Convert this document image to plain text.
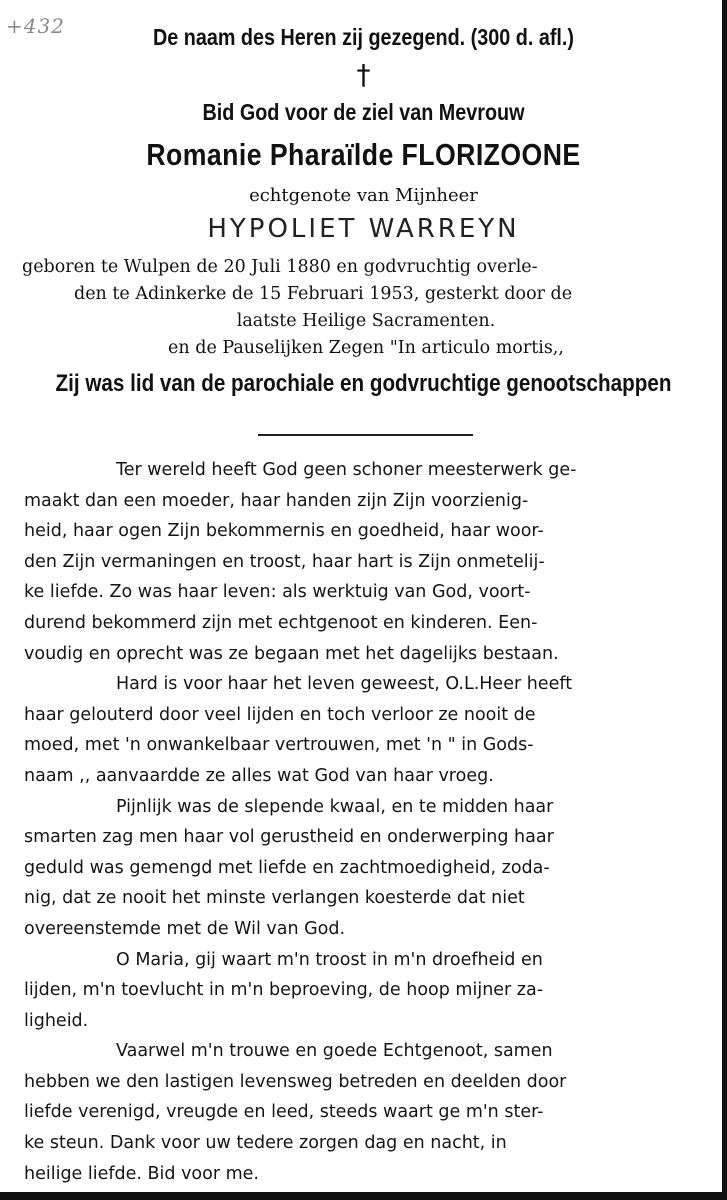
+432	De naam des Heren zij gezegend. (300 d. afl.)
†
Bid God voor de ziel van Mevrouw
Romanie Pharaïlde FLORIZOONE
echtgenote van Mijnheer
HYPOLIET WARREYN
geboren te Wulpen de 20 Juli 1880 en godvruchtig overle-
den te Adinkerke de 15 Februari 1953, gesterkt door de
laatste Heilige Sacramenten.
en de Pauselijken Zegen "In articulo mortis,,
Zij was lid van de parochiale en godvruchtige genootschappen
Ter wereld heeft God geen schoner meesterwerk ge-
maakt dan een moeder, haar handen zijn Zijn voorzienig-
heid, haar ogen Zijn bekommernis en goedheid, haar woor-
den Zijn vermaningen en troost, haar hart is Zijn onmetelij-
ke liefde. Zo was haar leven: als werktuig van God, voort-
durend bekommerd zijn met echtgenoot en kinderen. Een-
voudig en oprecht was ze begaan met het dagelijks bestaan.
Hard is voor haar het leven geweest, O.L.Heer heeft
haar gelouterd door veel lijden en toch verloor ze nooit de
moed, met 'n onwankelbaar vertrouwen, met 'n " in Gods-
naam ,, aanvaardde ze alles wat God van haar vroeg.
Pijnlijk was de slepende kwaal, en te midden haar
smarten zag men haar vol gerustheid en onderwerping haar
geduld was gemengd met liefde en zachtmoedigheid, zoda-
nig, dat ze nooit het minste verlangen koesterde dat niet
overeenstemde met de Wil van God.
O Maria, gij waart m'n troost in m'n droefheid en
lijden, m'n toevlucht in m'n beproeving, de hoop mijner za-
ligheid.
Vaarwel m'n trouwe en goede Echtgenoot, samen
hebben we den lastigen levensweg betreden en deelden door
liefde verenigd, vreugde en leed, steeds waart ge m'n ster-
ke steun. Dank voor uw tedere zorgen dag en nacht, in
heilige liefde. Bid voor me.
